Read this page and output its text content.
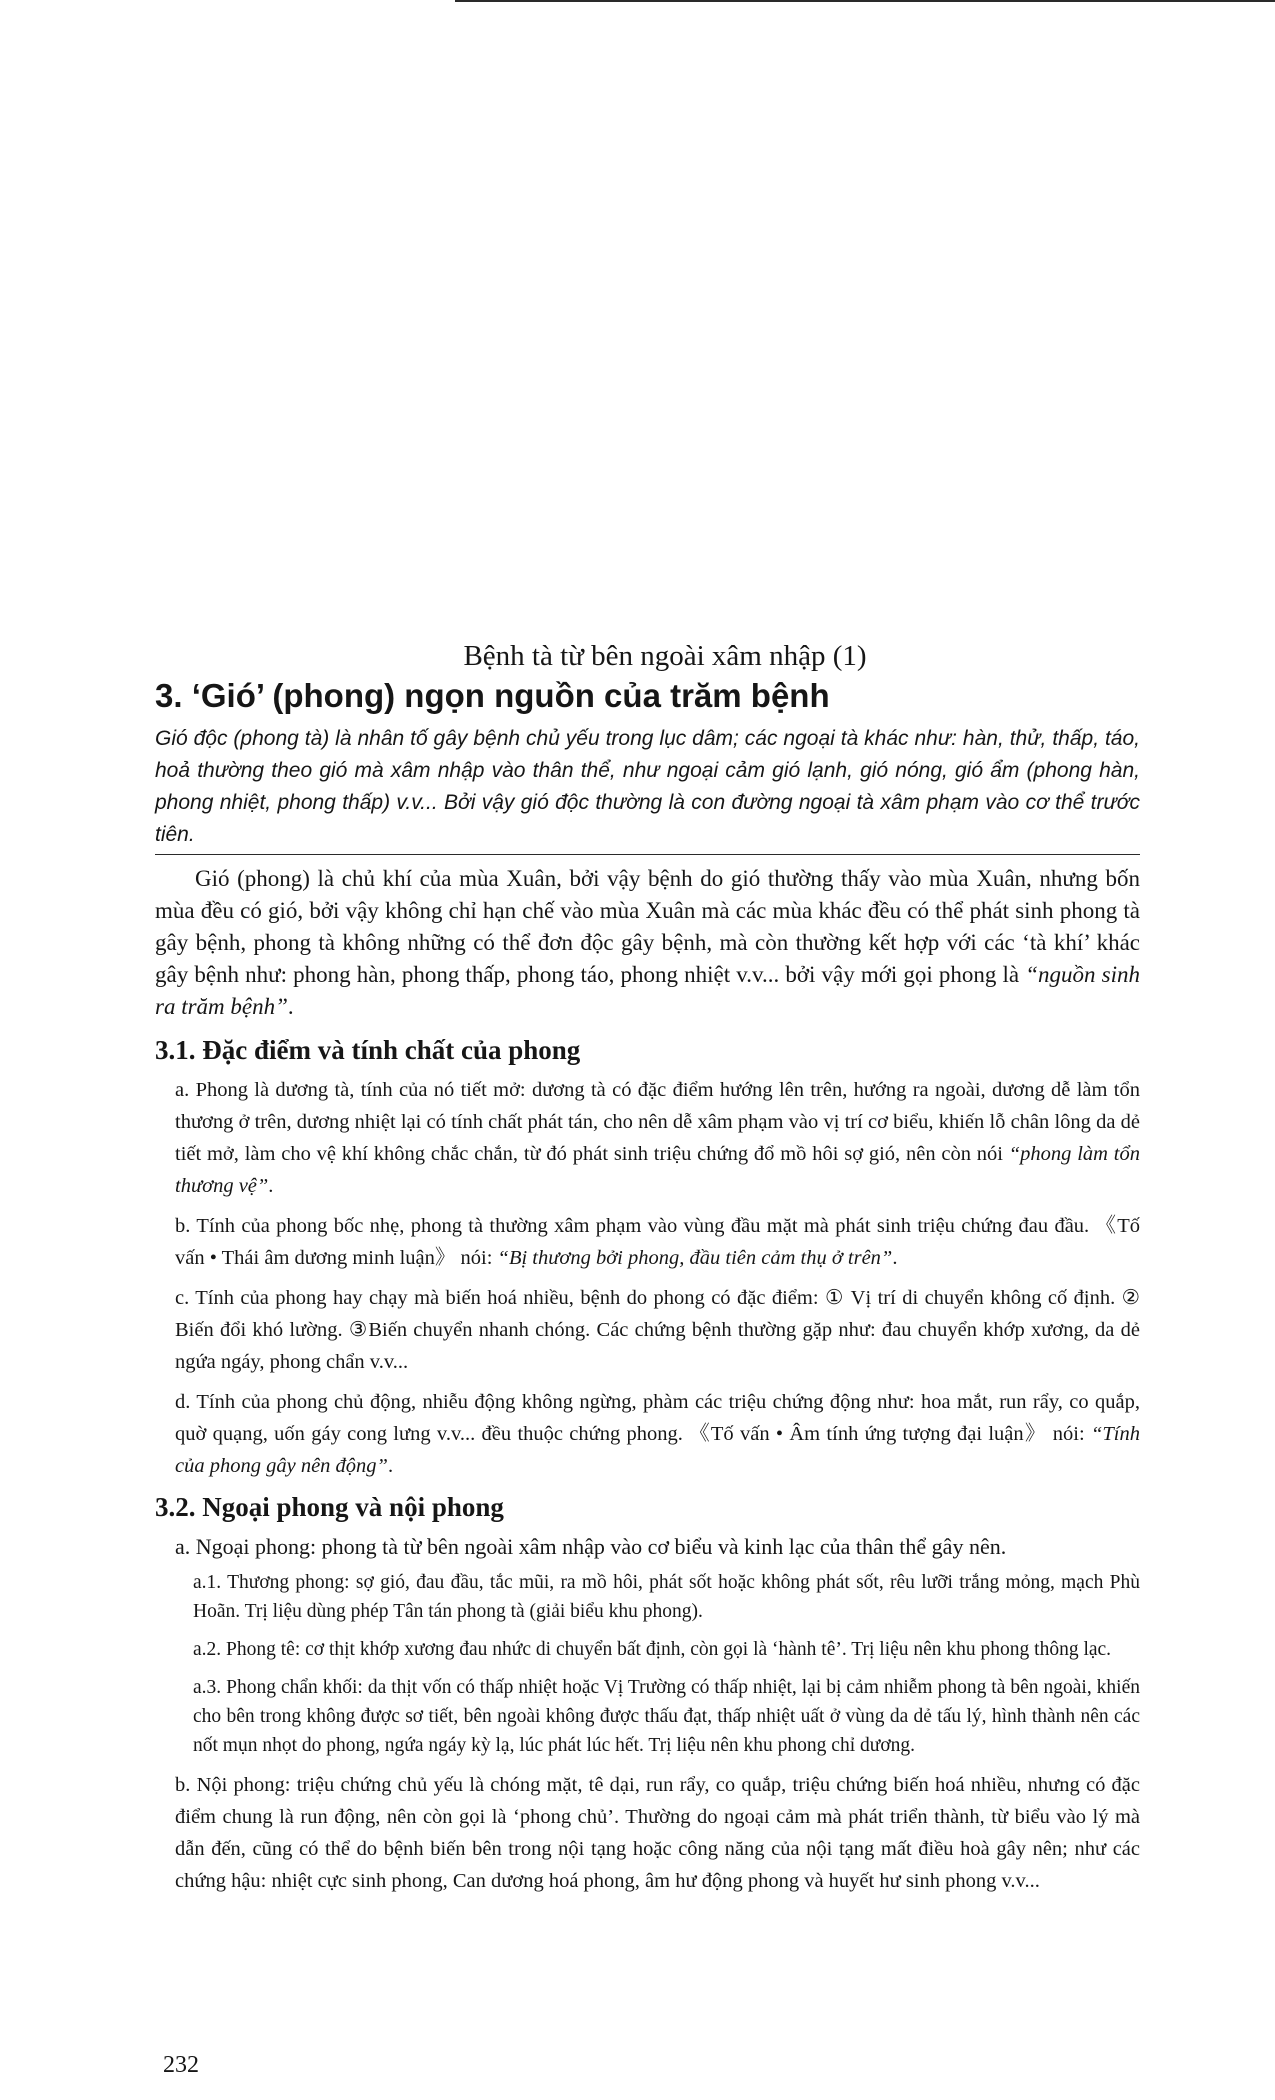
Bệnh tà từ bên ngoài xâm nhập (1)
3. ‘Gió’ (phong) ngọn nguồn của trăm bệnh
Gió độc (phong tà) là nhân tố gây bệnh chủ yếu trong lục dâm; các ngoại tà khác như: hàn, thử, thấp, táo, hoả thường theo gió mà xâm nhập vào thân thể, như ngoại cảm gió lạnh, gió nóng, gió ẩm (phong hàn, phong nhiệt, phong thấp) v.v... Bởi vậy gió độc thường là con đường ngoại tà xâm phạm vào cơ thể trước tiên.

Gió (phong) là chủ khí của mùa Xuân, bởi vậy bệnh do gió thường thấy vào mùa Xuân, nhưng bốn mùa đều có gió, bởi vậy không chỉ hạn chế vào mùa Xuân mà các mùa khác đều có thể phát sinh phong tà gây bệnh, phong tà không những có thể đơn độc gây bệnh, mà còn thường kết hợp với các ‘tà khí’ khác gây bệnh như: phong hàn, phong thấp, phong táo, phong nhiệt v.v... bởi vậy mới gọi phong là “nguồn sinh ra trăm bệnh”.

3.1. Đặc điểm và tính chất của phong

a. Phong là dương tà, tính của nó tiết mở: dương tà có đặc điểm hướng lên trên, hướng ra ngoài, dương dễ làm tổn thương ở trên, dương nhiệt lại có tính chất phát tán, cho nên dễ xâm phạm vào vị trí cơ biểu, khiến lỗ chân lông da dẻ tiết mở, làm cho vệ khí không chắc chắn, từ đó phát sinh triệu chứng đổ mồ hôi sợ gió, nên còn nói “phong làm tổn thương vệ”.

b. Tính của phong bốc nhẹ, phong tà thường xâm phạm vào vùng đầu mặt mà phát sinh triệu chứng đau đầu. 《Tố vấn • Thái âm dương minh luận》 nói: “Bị thương bởi phong, đầu tiên cảm thụ ở trên”.

c. Tính của phong hay chạy mà biến hoá nhiều, bệnh do phong có đặc điểm: ① Vị trí di chuyển không cố định. ② Biến đổi khó lường. ③Biến chuyển nhanh chóng. Các chứng bệnh thường gặp như: đau chuyển khớp xương, da dẻ ngứa ngáy, phong chẩn v.v...

d. Tính của phong chủ động, nhiễu động không ngừng, phàm các triệu chứng động như: hoa mắt, run rẩy, co quắp, quờ quạng, uốn gáy cong lưng v.v... đều thuộc chứng phong. 《Tố vấn • Âm tính ứng tượng đại luận》 nói: “Tính của phong gây nên động”.

3.2. Ngoại phong và nội phong

a. Ngoại phong: phong tà từ bên ngoài xâm nhập vào cơ biểu và kinh lạc của thân thể gây nên.

a.1. Thương phong: sợ gió, đau đầu, tắc mũi, ra mồ hôi, phát sốt hoặc không phát sốt, rêu lưỡi trắng mỏng, mạch Phù Hoãn. Trị liệu dùng phép Tân tán phong tà (giải biểu khu phong).

a.2. Phong tê: cơ thịt khớp xương đau nhức di chuyển bất định, còn gọi là ‘hành tê’. Trị liệu nên khu phong thông lạc.

a.3. Phong chẩn khối: da thịt vốn có thấp nhiệt hoặc Vị Trường có thấp nhiệt, lại bị cảm nhiễm phong tà bên ngoài, khiến cho bên trong không được sơ tiết, bên ngoài không được thấu đạt, thấp nhiệt uất ở vùng da dẻ tấu lý, hình thành nên các nốt mụn nhọt do phong, ngứa ngáy kỳ lạ, lúc phát lúc hết. Trị liệu nên khu phong chỉ dương.

b. Nội phong: triệu chứng chủ yếu là chóng mặt, tê dại, run rẩy, co quắp, triệu chứng biến hoá nhiều, nhưng có đặc điểm chung là run động, nên còn gọi là ‘phong chủ’. Thường do ngoại cảm mà phát triển thành, từ biểu vào lý mà dẫn đến, cũng có thể do bệnh biến bên trong nội tạng hoặc công năng của nội tạng mất điều hoà gây nên; như các chứng hậu: nhiệt cực sinh phong, Can dương hoá phong, âm hư động phong và huyết hư sinh phong v.v...

232
